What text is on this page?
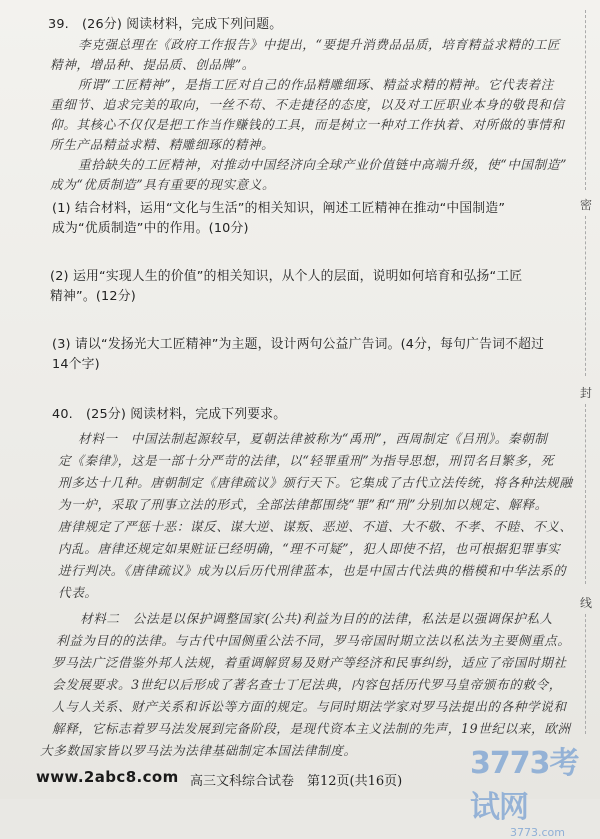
39.　(26分) 阅读材料，完成下列问题。
李克强总理在《政府工作报告》中提出，“要提升消费品品质，培育精益求精的工匠
精神，增品种、提品质、创品牌”。
所谓“工匠精神”，是指工匠对自己的作品精雕细琢、精益求精的精神。它代表着注
重细节、追求完美的取向，一丝不苟、不走捷径的态度，以及对工匠职业本身的敬畏和信
仰。其核心不仅仅是把工作当作赚钱的工具，而是树立一种对工作执着、对所做的事情和
所生产品精益求精、精雕细琢的精神。
重拾缺失的工匠精神，对推动中国经济向全球产业价值链中高端升级，使“中国制造”
成为“优质制造”具有重要的现实意义。
(1) 结合材料，运用“文化与生活”的相关知识，阐述工匠精神在推动“中国制造”
成为“优质制造”中的作用。(10分)
(2) 运用“实现人生的价值”的相关知识，从个人的层面，说明如何培育和弘扬“工匠
精神”。(12分)
(3) 请以“发扬光大工匠精神”为主题，设计两句公益广告词。(4分，每句广告词不超过
14个字)
40.　(25分) 阅读材料，完成下列要求。
材料一　中国法制起源较早，夏朝法律被称为“禹刑”，西周制定《吕刑》。秦朝制
定《秦律》，这是一部十分严苛的法律，以“轻罪重刑”为指导思想，刑罚名目繁多，死
刑多达十几种。唐朝制定《唐律疏议》颁行天下。它集成了古代立法传统，将各种法规融
为一炉，采取了刑事立法的形式，全部法律都围绕“罪”和“刑”分别加以规定、解释。
唐律规定了严惩十恶：谋反、谋大逆、谋叛、恶逆、不道、大不敬、不孝、不睦、不义、
内乱。唐律还规定如果赃证已经明确，“理不可疑”，犯人即使不招，也可根据犯罪事实
进行判决。《唐律疏议》成为以后历代刑律蓝本，也是中国古代法典的楷模和中华法系的
代表。
材料二　公法是以保护调整国家(公共)利益为目的的法律，私法是以强调保护私人
利益为目的的法律。与古代中国侧重公法不同，罗马帝国时期立法以私法为主要侧重点。
罗马法广泛借鉴外邦人法规，着重调解贸易及财产等经济和民事纠纷，适应了帝国时期社
会发展要求。3世纪以后形成了著名查士丁尼法典，内容包括历代罗马皇帝颁布的敕令，
人与人关系、财产关系和诉讼等方面的规定。与同时期法学家对罗马法提出的各种学说和
解释，它标志着罗马法发展到完备阶段，是现代资本主义法制的先声，19世纪以来，欧洲
大多数国家皆以罗马法为法律基础制定本国法律制度。
密
封
线
高三文科综合试卷　第12页(共16页)
www.2abc8.com	3773考试网
3773.com
